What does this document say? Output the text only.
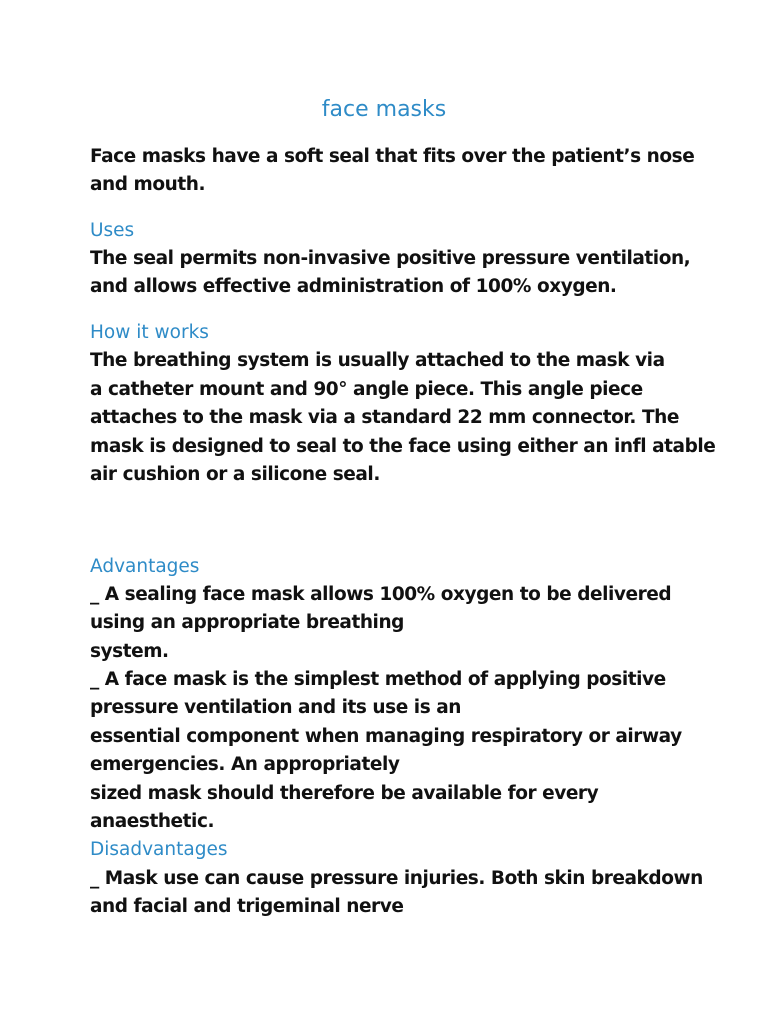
face masks
Face masks have a soft seal that fits over the patient’s nose
and mouth.
Uses
The seal permits non-invasive positive pressure ventilation,
and allows effective administration of 100% oxygen.
How it works
The breathing system is usually attached to the mask via
a catheter mount and 90° angle piece. This angle piece
attaches to the mask via a standard 22 mm connector. The
mask is designed to seal to the face using either an infl atable
air cushion or a silicone seal.
Advantages
_ A sealing face mask allows 100% oxygen to be delivered
using an appropriate breathing
system.
_ A face mask is the simplest method of applying positive
pressure ventilation and its use is an
essential component when managing respiratory or airway
emergencies. An appropriately
sized mask should therefore be available for every
anaesthetic.
Disadvantages
_ Mask use can cause pressure injuries. Both skin breakdown
and facial and trigeminal nerve
